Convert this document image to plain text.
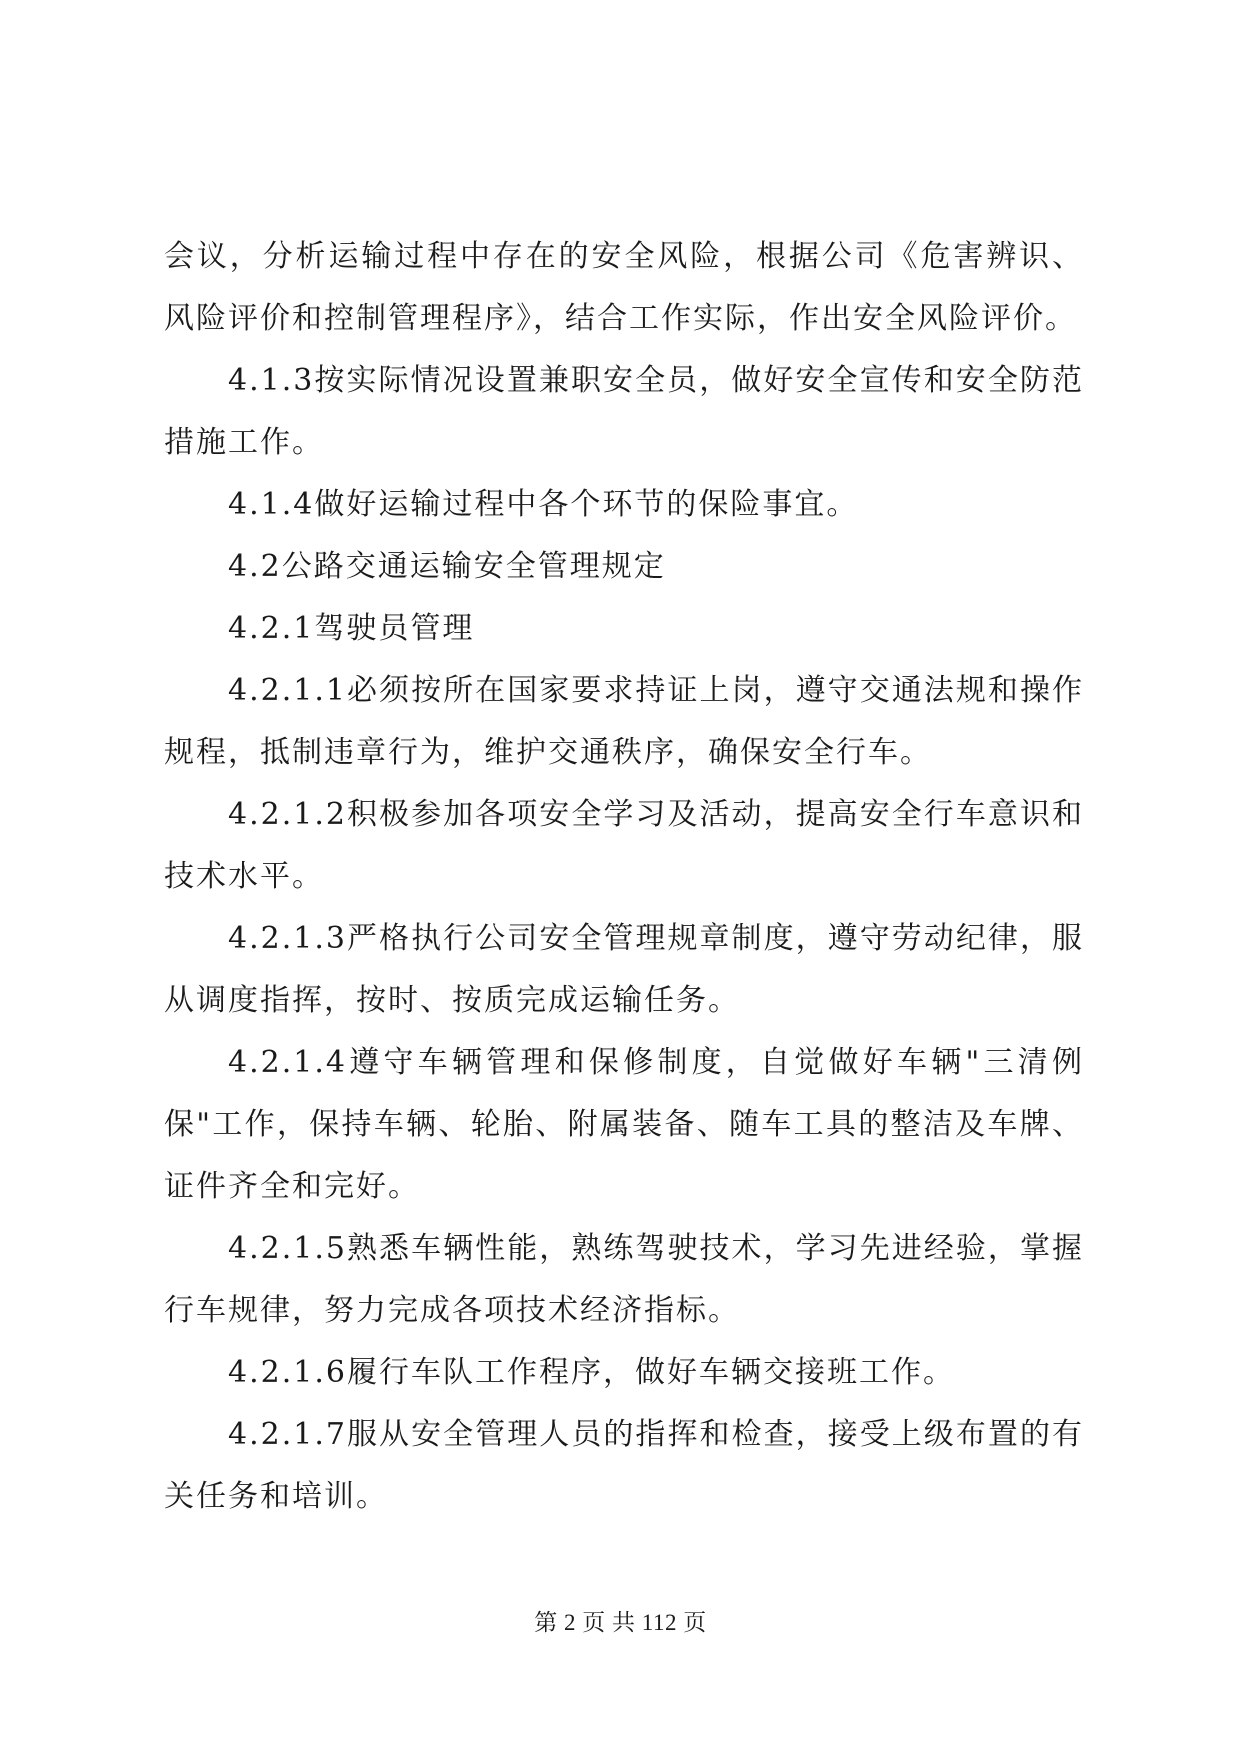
会议，分析运输过程中存在的安全风险，根据公司《危害辨识、风险评价和控制管理程序》，结合工作实际，作出安全风险评价。

4.1.3按实际情况设置兼职安全员，做好安全宣传和安全防范措施工作。

4.1.4做好运输过程中各个环节的保险事宜。

4.2公路交通运输安全管理规定

4.2.1驾驶员管理

4.2.1.1必须按所在国家要求持证上岗，遵守交通法规和操作规程，抵制违章行为，维护交通秩序，确保安全行车。

4.2.1.2积极参加各项安全学习及活动，提高安全行车意识和技术水平。

4.2.1.3严格执行公司安全管理规章制度，遵守劳动纪律，服从调度指挥，按时、按质完成运输任务。

4.2.1.4遵守车辆管理和保修制度，自觉做好车辆"三清例保"工作，保持车辆、轮胎、附属装备、随车工具的整洁及车牌、证件齐全和完好。

4.2.1.5熟悉车辆性能，熟练驾驶技术，学习先进经验，掌握行车规律，努力完成各项技术经济指标。

4.2.1.6履行车队工作程序，做好车辆交接班工作。

4.2.1.7服从安全管理人员的指挥和检查，接受上级布置的有关任务和培训。

第 2 页 共 112 页
